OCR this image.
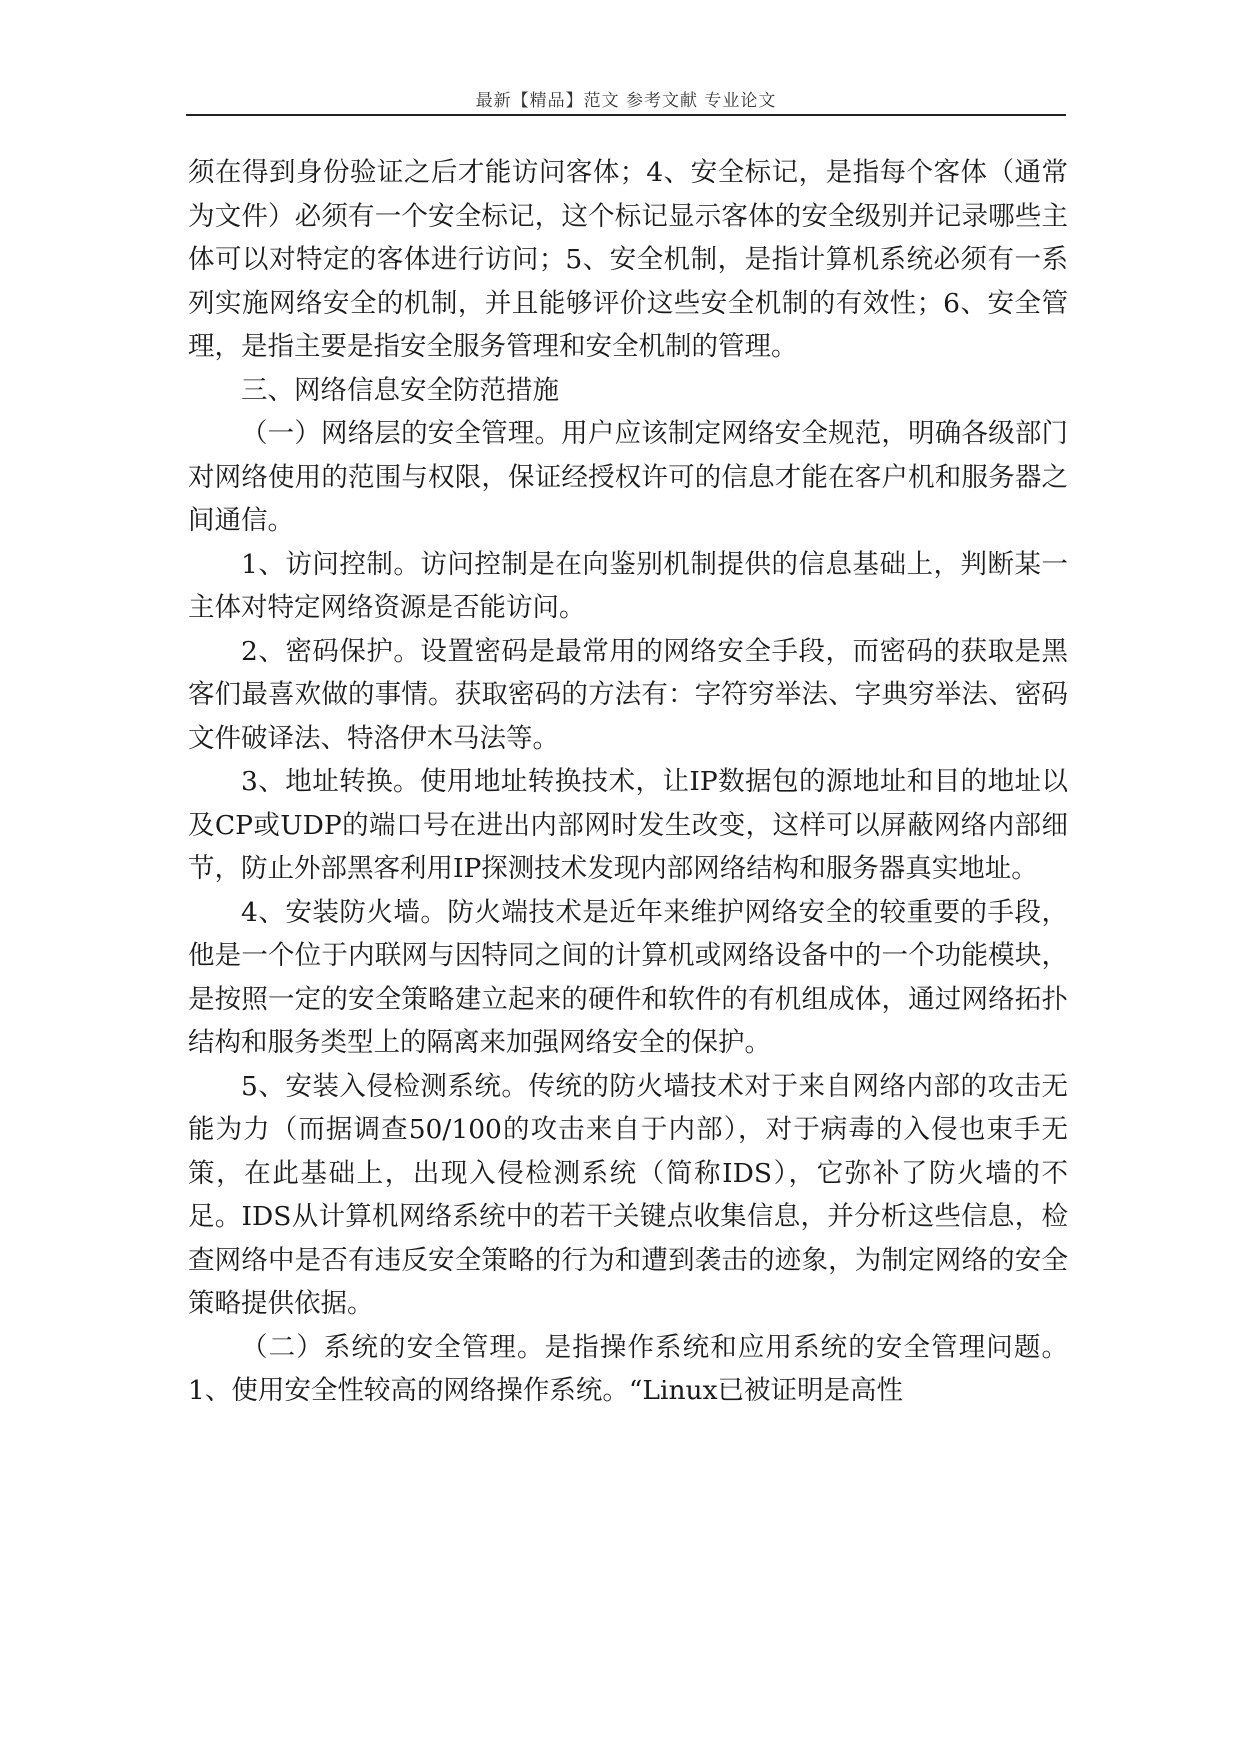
最新【精品】范文 参考文献 专业论文

须在得到身份验证之后才能访问客体；4、安全标记，是指每个客体（通常为文件）必须有一个安全标记，这个标记显示客体的安全级别并记录哪些主体可以对特定的客体进行访问；5、安全机制，是指计算机系统必须有一系列实施网络安全的机制，并且能够评价这些安全机制的有效性；6、安全管理，是指主要是指安全服务管理和安全机制的管理。

三、网络信息安全防范措施

（一）网络层的安全管理。用户应该制定网络安全规范，明确各级部门对网络使用的范围与权限，保证经授权许可的信息才能在客户机和服务器之间通信。

1、访问控制。访问控制是在向鉴别机制提供的信息基础上，判断某一主体对特定网络资源是否能访问。

2、密码保护。设置密码是最常用的网络安全手段，而密码的获取是黑客们最喜欢做的事情。获取密码的方法有：字符穷举法、字典穷举法、密码文件破译法、特洛伊木马法等。

3、地址转换。使用地址转换技术，让IP数据包的源地址和目的地址以及CP或UDP的端口号在进出内部网时发生改变，这样可以屏蔽网络内部细节，防止外部黑客利用IP探测技术发现内部网络结构和服务器真实地址。

4、安装防火墙。防火端技术是近年来维护网络安全的较重要的手段，他是一个位于内联网与因特同之间的计算机或网络设备中的一个功能模块，是按照一定的安全策略建立起来的硬件和软件的有机组成体，通过网络拓扑结构和服务类型上的隔离来加强网络安全的保护。

5、安装入侵检测系统。传统的防火墙技术对于来自网络内部的攻击无能为力（而据调查50/100的攻击来自于内部），对于病毒的入侵也束手无策，在此基础上，出现入侵检测系统（简称IDS），它弥补了防火墙的不足。IDS从计算机网络系统中的若干关键点收集信息，并分析这些信息，检查网络中是否有违反安全策略的行为和遭到袭击的迹象，为制定网络的安全策略提供依据。

（二）系统的安全管理。是指操作系统和应用系统的安全管理问题。1、使用安全性较高的网络操作系统。“Linux已被证明是高性
